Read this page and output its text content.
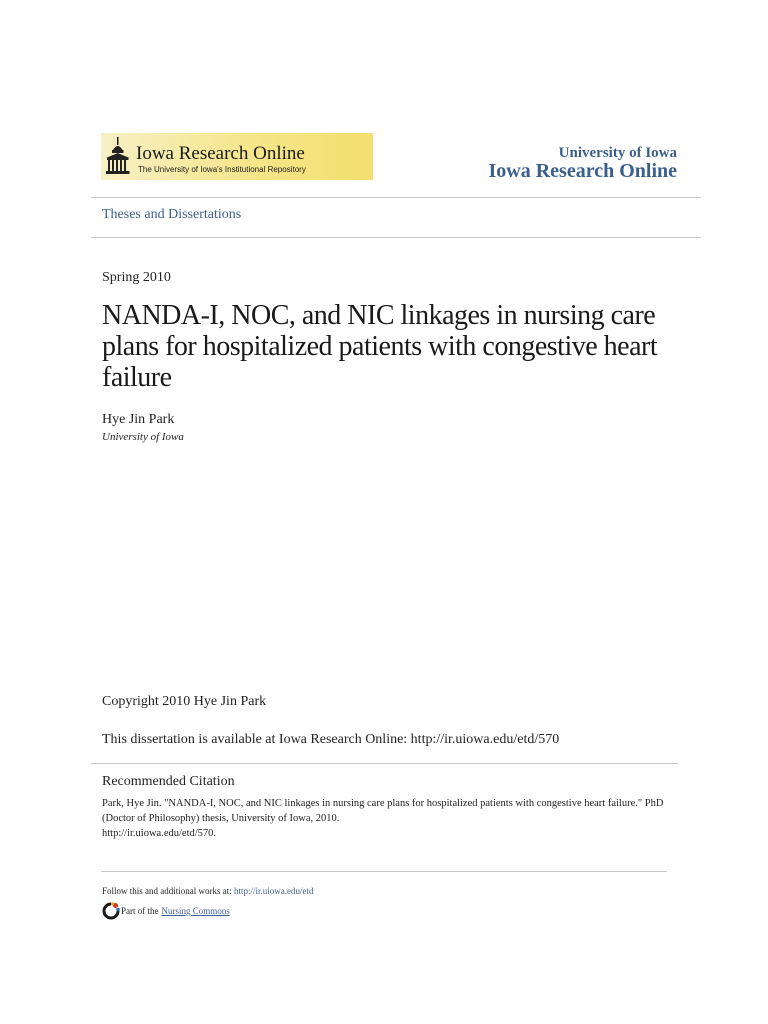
Iowa Research Online
The University of Iowa's Institutional Repository
University of Iowa
Iowa Research Online
Theses and Dissertations
Spring 2010
NANDA-I, NOC, and NIC linkages in nursing care plans for hospitalized patients with congestive heart failure
Hye Jin Park
University of Iowa
Copyright 2010 Hye Jin Park
This dissertation is available at Iowa Research Online: http://ir.uiowa.edu/etd/570
Recommended Citation
Park, Hye Jin. "NANDA-I, NOC, and NIC linkages in nursing care plans for hospitalized patients with congestive heart failure." PhD
(Doctor of Philosophy) thesis, University of Iowa, 2010.
http://ir.uiowa.edu/etd/570.
Follow this and additional works at: http://ir.uiowa.edu/etd
Part of the Nursing Commons
